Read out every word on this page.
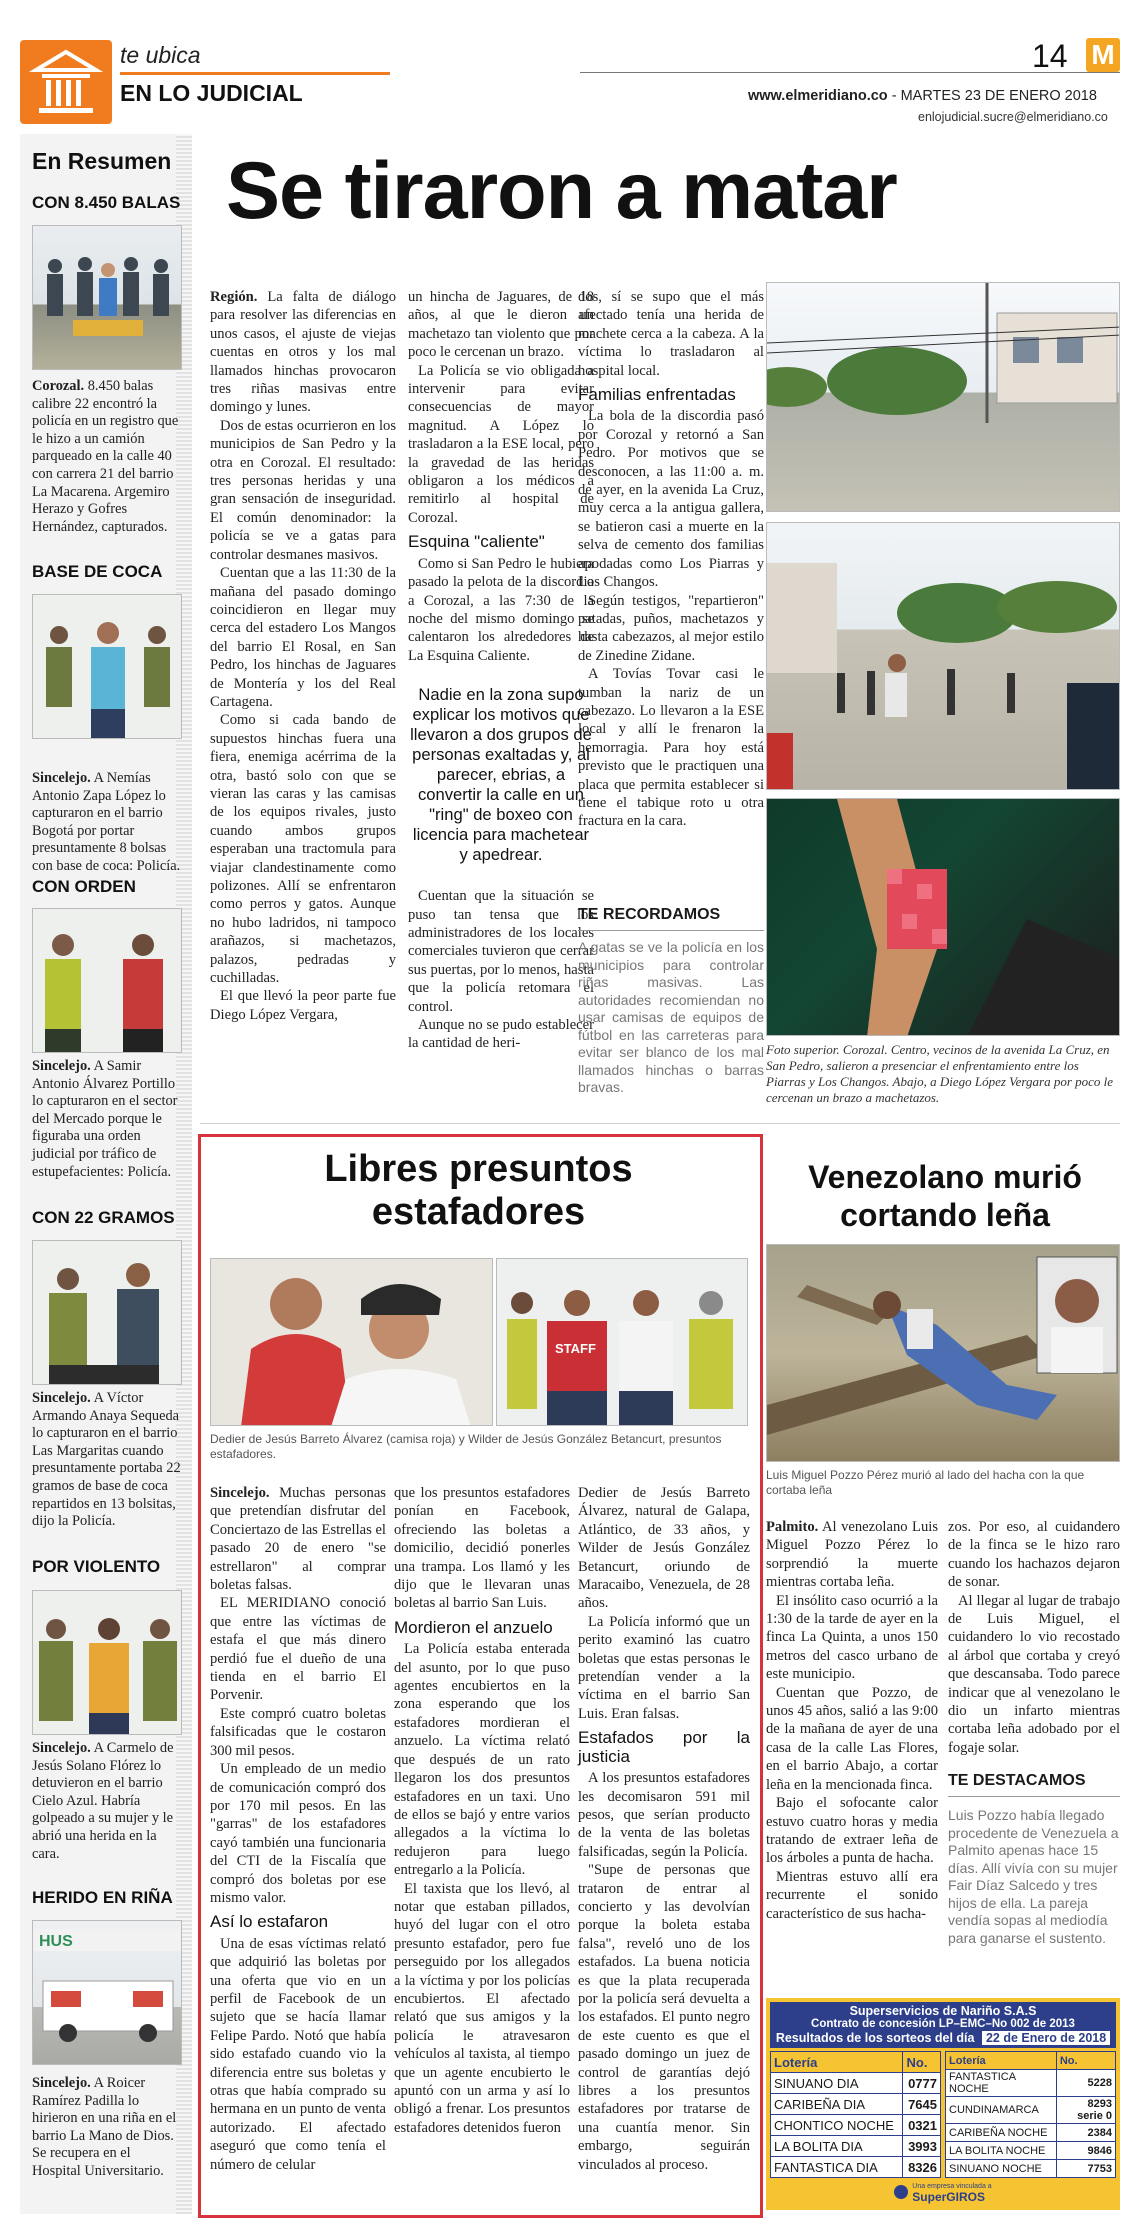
te ubica
EN LO JUDICIAL
14 M
www.elmeridiano.co - MARTES 23 DE ENERO 2018
enlojudicial.sucre@elmeridiano.co
En Resumen
CON 8.450 BALAS
Corozal. 8.450 balas calibre 22 encontró la policía en un registro que le hizo a un camión parqueado en la calle 40 con carrera 21 del barrio La Macarena. Argemiro Herazo y Gofres Hernández, capturados.
BASE DE COCA
Sincelejo. A Nemías Antonio Zapa López lo capturaron en el barrio Bogotá por portar presuntamente 8 bolsas con base de coca: Policía.
CON ORDEN
Sincelejo. A Samir Antonio Álvarez Portillo lo capturaron en el sector del Mercado porque le figuraba una orden judicial por tráfico de estupefacientes: Policía.
CON 22 GRAMOS
Sincelejo. A Víctor Armando Anaya Sequeda lo capturaron en el barrio Las Margaritas cuando presuntamente portaba 22 gramos de base de coca repartidos en 13 bolsitas, dijo la Policía.
POR VIOLENTO
Sincelejo. A Carmelo de Jesús Solano Flórez lo detuvieron en el barrio Cielo Azul. Habría golpeado a su mujer y le abrió una herida en la cara.
HERIDO EN RIÑA
HUS
Sincelejo. A Roicer Ramírez Padilla lo hirieron en una riña en el barrio La Mano de Dios. Se recupera en el Hospital Universitario.
Se tiraron a matar

Región. La falta de diálogo para resolver las diferencias en unos casos, el ajuste de viejas cuentas en otros y los mal llamados hinchas provocaron tres riñas masivas entre domingo y lunes.

Dos de estas ocurrieron en los municipios de San Pedro y la otra en Corozal. El resultado: tres personas heridas y una gran sensación de inseguridad. El común denominador: la policía se ve a gatas para controlar desmanes masivos.

Cuentan que a las 11:30 de la mañana del pasado domingo coincidieron en llegar muy cerca del estadero Los Mangos del barrio El Rosal, en San Pedro, los hinchas de Jaguares de Montería y los del Real Cartagena.

Como si cada bando de supuestos hinchas fuera una fiera, enemiga acérrima de la otra, bastó solo con que se vieran las caras y las camisas de los equipos rivales, justo cuando ambos grupos esperaban una tractomula para viajar clandestinamente como polizones. Allí se enfrentaron como perros y gatos. Aunque no hubo ladridos, ni tampoco arañazos, si machetazos, palazos, pedradas y cuchilladas.

El que llevó la peor parte fue Diego López Vergara,

un hincha de Jaguares, de 18 años, al que le dieron un machetazo tan violento que por poco le cercenan un brazo.

La Policía se vio obligada a intervenir para evitar consecuencias de mayor magnitud. A López lo trasladaron a la ESE local, pero la gravedad de las heridas obligaron a los médicos a remitirlo al hospital de Corozal.

Esquina "caliente"

Como si San Pedro le hubiera pasado la pelota de la discordia a Corozal, a las 7:30 de la noche del mismo domingo se calentaron los alrededores de La Esquina Caliente.

Nadie en la zona supo explicar los motivos que llevaron a dos grupos de personas exaltadas y, al parecer, ebrias, a convertir la calle en un "ring" de boxeo con licencia para machetear y apedrear.

Cuentan que la situación se puso tan tensa que los administradores de los locales comerciales tuvieron que cerrar sus puertas, por lo menos, hasta que la policía retomara el control.

Aunque no se pudo establecer la cantidad de heri-

dos, sí se supo que el más afectado tenía una herida de machete cerca a la cabeza. A la víctima lo trasladaron al hospital local.

Familias enfrentadas

La bola de la discordia pasó por Corozal y retornó a San Pedro. Por motivos que se desconocen, a las 11:00 a. m. de ayer, en la avenida La Cruz, muy cerca a la antigua gallera, se batieron casi a muerte en la selva de cemento dos familias apodadas como Los Piarras y Los Changos.

Según testigos, "repartieron" patadas, puños, machetazos y hasta cabezazos, al mejor estilo de Zinedine Zidane.

A Tovías Tovar casi le tumban la nariz de un cabezazo. Lo llevaron a la ESE local y allí le frenaron la hemorragia. Para hoy está previsto que le practiquen una placa que permita establecer si tiene el tabique roto u otra fractura en la cara.

TE RECORDAMOS
A gatas se ve la policía en los municipios para controlar riñas masivas. Las autoridades recomiendan no usar camisas de equipos de fútbol en las carreteras para evitar ser blanco de los mal llamados hinchas o barras bravas.
Foto superior. Corozal. Centro, vecinos de la avenida La Cruz, en San Pedro, salieron a presenciar el enfrentamiento entre los Piarras y Los Changos. Abajo, a Diego López Vergara por poco le cercenan un brazo a machetazos.
Libres presuntos
estafadores
STAFF
Dedier de Jesús Barreto Álvarez (camisa roja) y Wilder de Jesús González Betancurt, presuntos estafadores.

Sincelejo. Muchas personas que pretendían disfrutar del Conciertazo de las Estrellas el pasado 20 de enero "se estrellaron" al comprar boletas falsas.

EL MERIDIANO conoció que entre las víctimas de estafa el que más dinero perdió fue el dueño de una tienda en el barrio El Porvenir.

Este compró cuatro boletas falsificadas que le costaron 300 mil pesos.

Un empleado de un medio de comunicación compró dos por 170 mil pesos. En las "garras" de los estafadores cayó también una funcionaria del CTI de la Fiscalía que compró dos boletas por ese mismo valor.

Así lo estafaron

Una de esas víctimas relató que adquirió las boletas por una oferta que vio en un perfil de Facebook de un sujeto que se hacía llamar Felipe Pardo. Notó que había sido estafado cuando vio la diferencia entre sus boletas y otras que había comprado su hermana en un punto de venta autorizado. El afectado aseguró que como tenía el número de celular

que los presuntos estafadores ponían en Facebook, ofreciendo las boletas a domicilio, decidió ponerles una trampa. Los llamó y les dijo que le llevaran unas boletas al barrio San Luis.

Mordieron el anzuelo

La Policía estaba enterada del asunto, por lo que puso agentes encubiertos en la zona esperando que los estafadores mordieran el anzuelo. La víctima relató que después de un rato llegaron los dos presuntos estafadores en un taxi. Uno de ellos se bajó y entre varios allegados a la víctima lo redujeron para luego entregarlo a la Policía.

El taxista que los llevó, al notar que estaban pillados, huyó del lugar con el otro presunto estafador, pero fue perseguido por los allegados a la víctima y por los policías encubiertos. El afectado relató que sus amigos y la policía le atravesaron vehículos al taxista, al tiempo que un agente encubierto le apuntó con un arma y así lo obligó a frenar. Los presuntos estafadores detenidos fueron

Dedier de Jesús Barreto Álvarez, natural de Galapa, Atlántico, de 33 años, y Wilder de Jesús González Betancurt, oriundo de Maracaibo, Venezuela, de 28 años.

La Policía informó que un perito examinó las cuatro boletas que estas personas le pretendían vender a la víctima en el barrio San Luis. Eran falsas.

Estafados por la justicia

A los presuntos estafadores les decomisaron 591 mil pesos, que serían producto de la venta de las boletas falsificadas, según la Policía.

"Supe de personas que trataron de entrar al concierto y las devolvían porque la boleta estaba falsa", reveló uno de los estafados. La buena noticia es que la plata recuperada por la policía será devuelta a los estafados. El punto negro de este cuento es que el pasado domingo un juez de control de garantías dejó libres a los presuntos estafadores por tratarse de una cuantía menor. Sin embargo, seguirán vinculados al proceso.

Venezolano murió
cortando leña
Luis Miguel Pozzo Pérez murió al lado del hacha con la que cortaba leña

Palmito. Al venezolano Luis Miguel Pozzo Pérez lo sorprendió la muerte mientras cortaba leña.

El insólito caso ocurrió a la 1:30 de la tarde de ayer en la finca La Quinta, a unos 150 metros del casco urbano de este municipio.

Cuentan que Pozzo, de unos 45 años, salió a las 9:00 de la mañana de ayer de una casa de la calle Las Flores, en el barrio Abajo, a cortar leña en la mencionada finca.

Bajo el sofocante calor estuvo cuatro horas y media tratando de extraer leña de los árboles a punta de hacha.

Mientras estuvo allí era recurrente el sonido característico de sus hacha-

zos. Por eso, al cuidandero de la finca se le hizo raro cuando los hachazos dejaron de sonar.

Al llegar al lugar de trabajo de Luis Miguel, el cuidandero lo vio recostado al árbol que cortaba y creyó que descansaba. Todo parece indicar que al venezolano le dio un infarto mientras cortaba leña adobado por el fogaje solar.

TE DESTACAMOS
Luis Pozzo había llegado procedente de Venezuela a Palmito apenas hace 15 días. Allí vivía con su mujer Fair Díaz Salcedo y tres hijos de ella. La pareja vendía sopas al mediodía para ganarse el sustento.
Superservicios de Nariño S.A.S
Contrato de concesión LP–EMC–No 002 de 2013
Resultados de los sorteos del día 22 de Enero de 2018
Lotería	No.
SINUANO DIA	0777
CARIBEÑA DIA	7645
CHONTICO NOCHE	0321
LA BOLITA DIA	3993
FANTASTICA DIA	8326
Lotería	No.
FANTASTICA NOCHE	5228
CUNDINAMARCA	8293 serie 0
CARIBEÑA NOCHE	2384
LA BOLITA NOCHE	9846
SINUANO NOCHE	7753

Una empresa vinculada a
SuperGIROS
